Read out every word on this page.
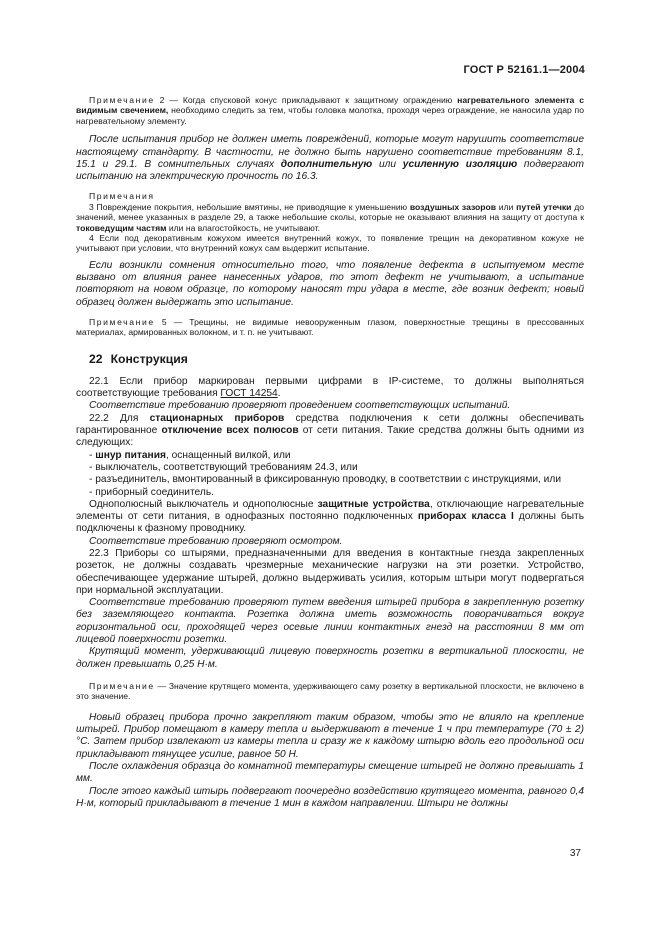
ГОСТ Р 52161.1—2004

Примечание 2 — Когда спусковой конус прикладывают к защитному ограждению нагревательного элемента с видимым свечением, необходимо следить за тем, чтобы головка молотка, проходя через ограждение, не наносила удар по нагревательному элементу.

После испытания прибор не должен иметь повреждений, которые могут нарушить соответствие настоящему стандарту. В частности, не должно быть нарушено соответствие требованиям 8.1, 15.1 и 29.1. В сомнительных случаях дополнительную или усиленную изоляцию подвергают испытанию на электрическую прочность по 16.3.

Примечания

3 Повреждение покрытия, небольшие вмятины, не приводящие к уменьшению воздушных зазоров или путей утечки до значений, менее указанных в разделе 29, а также небольшие сколы, которые не оказывают влияния на защиту от доступа к токоведущим частям или на влагостойкость, не учитывают.

4 Если под декоративным кожухом имеется внутренний кожух, то появление трещин на декоративном кожухе не учитывают при условии, что внутренний кожух сам выдержит испытание.

Если возникли сомнения относительно того, что появление дефекта в испытуемом месте вызвано от влияния ранее нанесенных ударов, то этот дефект не учитывают, а испытание повторяют на новом образце, по которому наносят три удара в месте, где возник дефект; новый образец должен выдержать это испытание.

Примечание 5 — Трещины, не видимые невооруженным глазом, поверхностные трещины в прессованных материалах, армированных волокном, и т. п. не учитывают.

22 Конструкция

22.1 Если прибор маркирован первыми цифрами в IP-системе, то должны выполняться соответствующие требования ГОСТ 14254.

Соответствие требованию проверяют проведением соответствующих испытаний.

22.2 Для стационарных приборов средства подключения к сети должны обеспечивать гарантированное отключение всех полюсов от сети питания. Такие средства должны быть одними из следующих:

- шнур питания, оснащенный вилкой, или

- выключатель, соответствующий требованиям 24.3, или

- разъединитель, вмонтированный в фиксированную проводку, в соответствии с инструкциями, или

- приборный соединитель.

Однополюсный выключатель и однополюсные защитные устройства, отключающие нагревательные элементы от сети питания, в однофазных постоянно подключенных приборах класса I должны быть подключены к фазному проводнику.

Соответствие требованию проверяют осмотром.

22.3 Приборы со штырями, предназначенными для введения в контактные гнезда закрепленных розеток, не должны создавать чрезмерные механические нагрузки на эти розетки. Устройство, обеспечивающее удержание штырей, должно выдерживать усилия, которым штыри могут подвергаться при нормальной эксплуатации.

Соответствие требованию проверяют путем введения штырей прибора в закрепленную розетку без заземляющего контакта. Розетка должна иметь возможность поворачиваться вокруг горизонтальной оси, проходящей через осевые линии контактных гнезд на расстоянии 8 мм от лицевой поверхности розетки.

Крутящий момент, удерживающий лицевую поверхность розетки в вертикальной плоскости, не должен превышать 0,25 Н·м.

Примечание — Значение крутящего момента, удерживающего саму розетку в вертикальной плоскости, не включено в это значение.

Новый образец прибора прочно закрепляют таким образом, чтобы это не влияло на крепление штырей. Прибор помещают в камеру тепла и выдерживают в течение 1 ч при температуре (70 ± 2) °С. Затем прибор извлекают из камеры тепла и сразу же к каждому штырю вдоль его продольной оси прикладывают тянущее усилие, равное 50 Н.

После охлаждения образца до комнатной температуры смещение штырей не должно превышать 1 мм.

После этого каждый штырь подвергают поочередно воздействию крутящего момента, равного 0,4 Н·м, который прикладывают в течение 1 мин в каждом направлении. Штыри не должны

37
